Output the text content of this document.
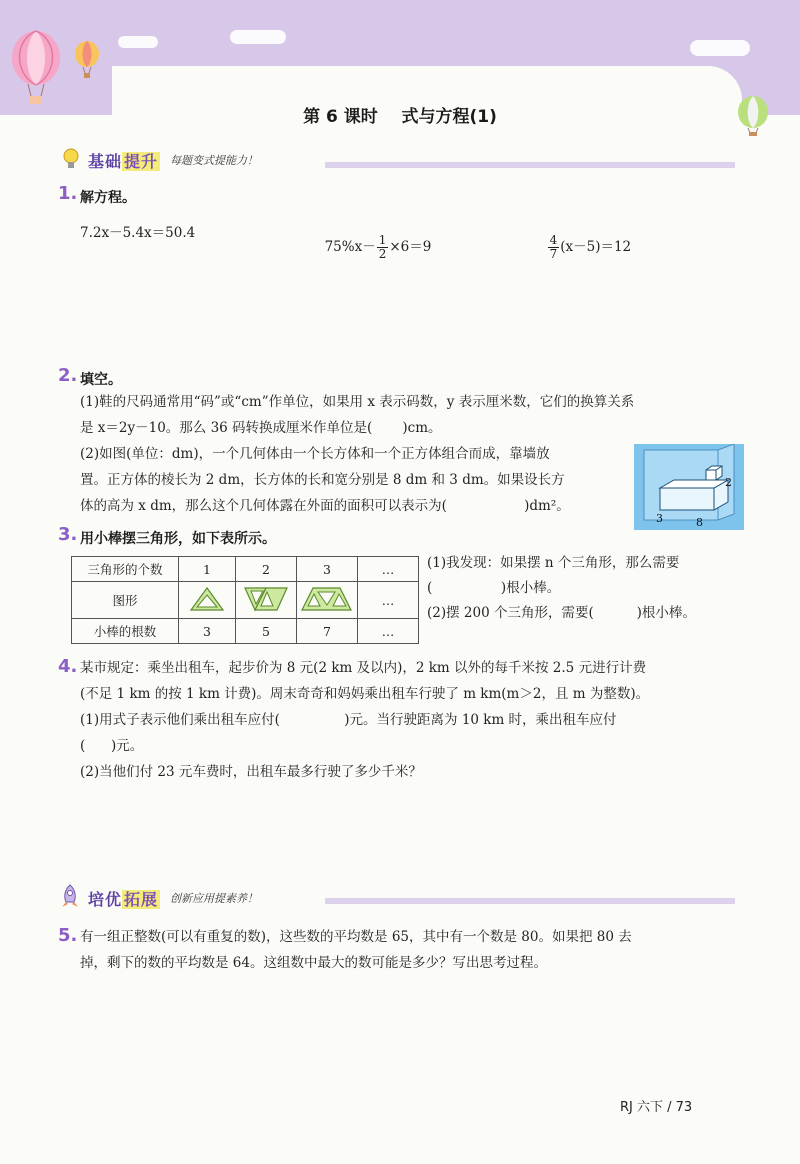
第 6 课时    式与方程(1)
基础 提升 每题变式提能力！
1. 解方程。
7.2x－5.4x＝50.4

$75\%x- \frac{1}{2} \times 6=9$

	$\frac{4}{7} (x-5)=12$

2. 填空。
(1)鞋的尺码通常用“码”或“cm”作单位，如果用 x 表示码数，y 表示厘米数，它们的换算关系
是 x＝2y－10。那么 36 码转换成厘米作单位是(       )cm。
(2)如图(单位：dm)，一个几何体由一个长方体和一个正方体组合而成，靠墙放
置。正方体的棱长为 2 dm，长方体的长和宽分别是 8 dm 和 3 dm。如果设长方
体的高为 x dm，那么这个几何体露在外面的面积可以表示为(                  )dm²。
2
3	8
3. 用小棒摆三角形，如下表所示。
三角形的个数	1	2	3	…
图形				…
小棒的根数	3	5	7	…
(1)我发现：如果摆 n 个三角形，那么需要
(                )根小棒。
(2)摆 200 个三角形，需要(          )根小棒。
4. 某市规定：乘坐出租车，起步价为 8 元(2 km 及以内)，2 km 以外的每千米按 2.5 元进行计费
(不足 1 km 的按 1 km 计费)。周末奇奇和妈妈乘出租车行驶了 m km(m＞2，且 m 为整数)。
(1)用式子表示他们乘出租车应付(               )元。当行驶距离为 10 km 时，乘出租车应付
(      )元。
(2)当他们付 23 元车费时，出租车最多行驶了多少千米？
培优 拓展 创新应用提素养！
5. 有一组正整数(可以有重复的数)，这些数的平均数是 65，其中有一个数是 80。如果把 80 去
掉，剩下的数的平均数是 64。这组数中最大的数可能是多少？写出思考过程。
RJ 六下 / 73
